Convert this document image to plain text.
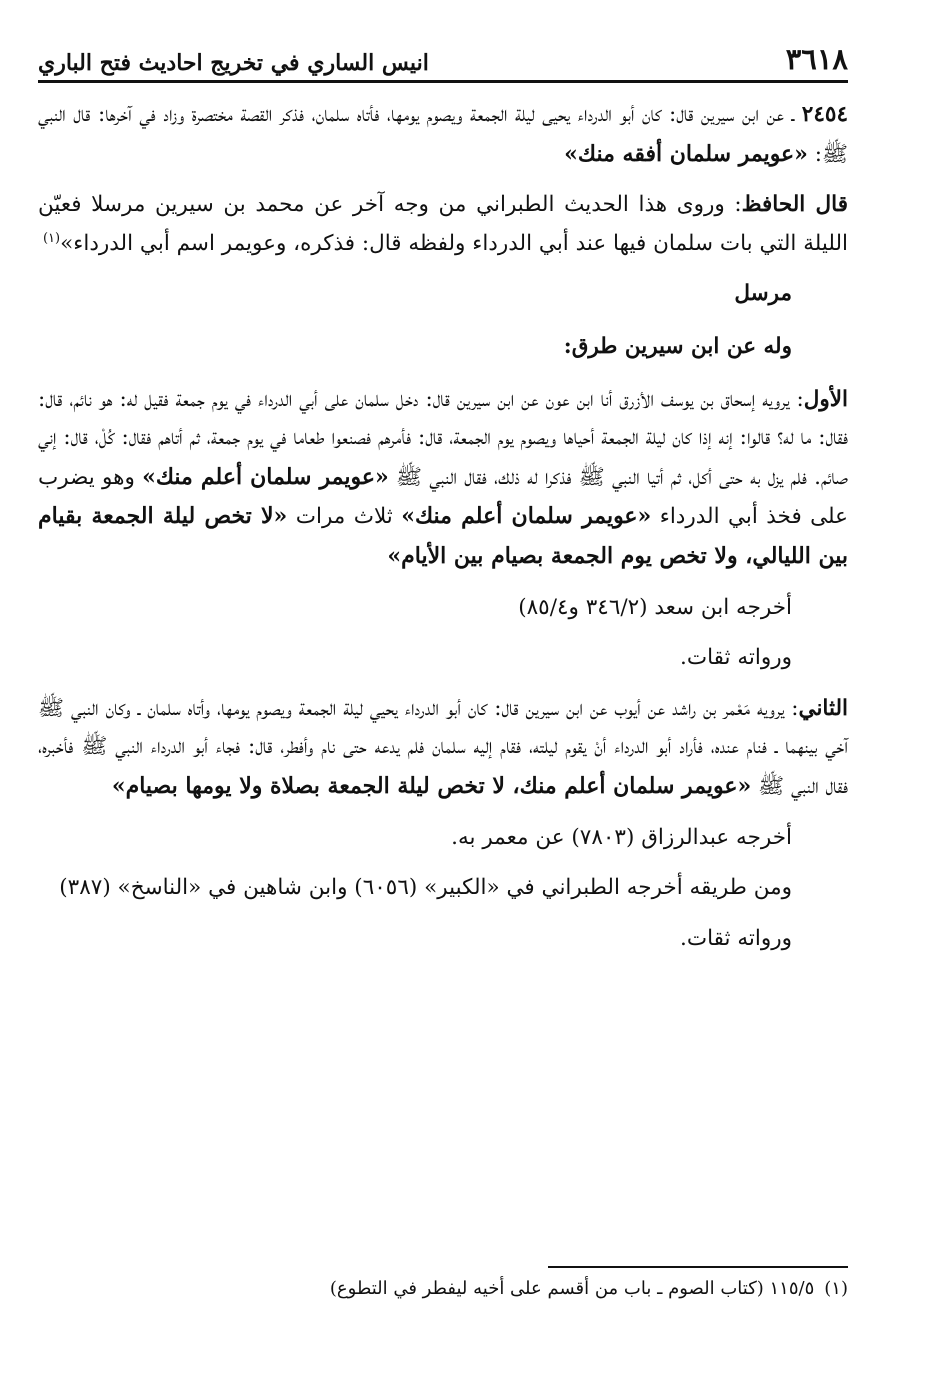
٣٦١٨
انيس الساري في تخريج احاديث فتح الباري

٢٤٥٤ ـ عن ابن سيرين قال: كان أبو الدرداء يحيى ليلة الجمعة ويصوم يومها، فأتاه سلمان، فذكر القصة مختصرة وزاد في آخرها: قال النبي ﷺ: «عويمر سلمان أفقه منك»

قال الحافظ: وروى هذا الحديث الطبراني من وجه آخر عن محمد بن سيرين مرسلا فعيّن الليلة التي بات سلمان فيها عند أبي الدرداء ولفظه قال: فذكره، وعويمر اسم أبي الدرداء»$^{(١)}$

مرسل

وله عن ابن سيرين طرق:

الأول: يرويه إسحاق بن يوسف الأزرق أنا ابن عون عن ابن سيرين قال: دخل سلمان على أبي الدرداء في يوم جمعة فقيل له: هو نائم، قال: فقال: ما له؟ قالوا: إنه إذا كان ليلة الجمعة أحياها ويصوم يوم الجمعة، قال: فأمرهم فصنعوا طعاما في يوم جمعة، ثم أتاهم فقال: كُلْ، قال: إني صائم. فلم يزل به حتى أكل، ثم أتيا النبي ﷺ فذكرا له ذلك، فقال النبي ﷺ «عويمر سلمان أعلم منك» وهو يضرب على فخذ أبي الدرداء «عويمر سلمان أعلم منك» ثلاث مرات «لا تخص ليلة الجمعة بقيام بين الليالي، ولا تخص يوم الجمعة بصيام بين الأيام»

أخرجه ابن سعد (٣٤٦/٢ و٨٥/٤)

ورواته ثقات.

الثاني: يرويه مَعْمر بن راشد عن أيوب عن ابن سيرين قال: كان أبو الدرداء يحيي ليلة الجمعة ويصوم يومها، وأتاه سلمان ـ وكان النبي ﷺ آخي بينهما ـ فنام عنده، فأراد أبو الدرداء أنْ يقوم ليلته، فقام إليه سلمان فلم يدعه حتى نام وأفطر، قال: فجاء أبو الدرداء النبي ﷺ فأخبره، فقال النبي ﷺ «عويمر سلمان أعلم منك، لا تخص ليلة الجمعة بصلاة ولا يومها بصيام»

أخرجه عبدالرزاق (٧٨٠٣) عن معمر به.

ومن طريقه أخرجه الطبراني في «الكبير» (٦٠٥٦) وابن شاهين في «الناسخ» (٣٨٧)

ورواته ثقات.

(١)١١٥/٥ (كتاب الصوم ـ باب من أقسم على أخيه ليفطر في التطوع)
